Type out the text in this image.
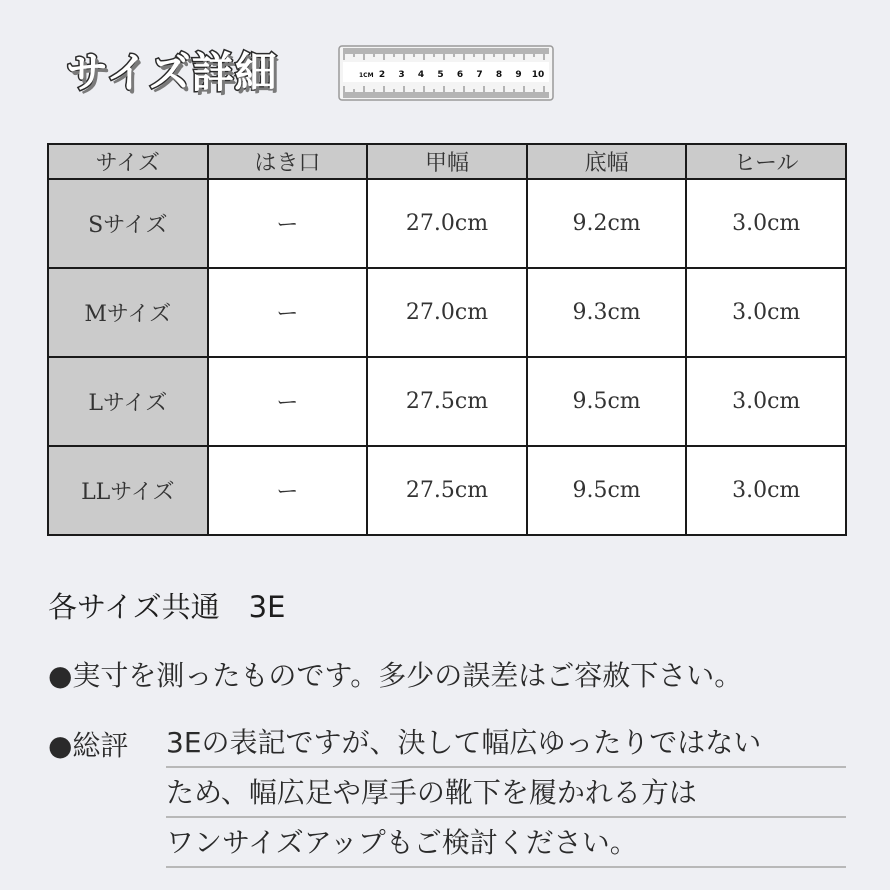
サイズ詳細	1CM 2 3 4 5 6 7 8 9 10
サイズ	はき口	甲幅	底幅	ヒール
Sサイズ	ー	27.0cm	9.2cm	3.0cm
Mサイズ	ー	27.0cm	9.3cm	3.0cm
Lサイズ	ー	27.5cm	9.5cm	3.0cm
LLサイズ	ー	27.5cm	9.5cm	3.0cm
各サイズ共通　3E
●実寸を測ったものです。多少の誤差はご容赦下さい。
●総評 3Eの表記ですが、決して幅広ゆったりではない
ため、幅広足や厚手の靴下を履かれる方は
ワンサイズアップもご検討ください。
